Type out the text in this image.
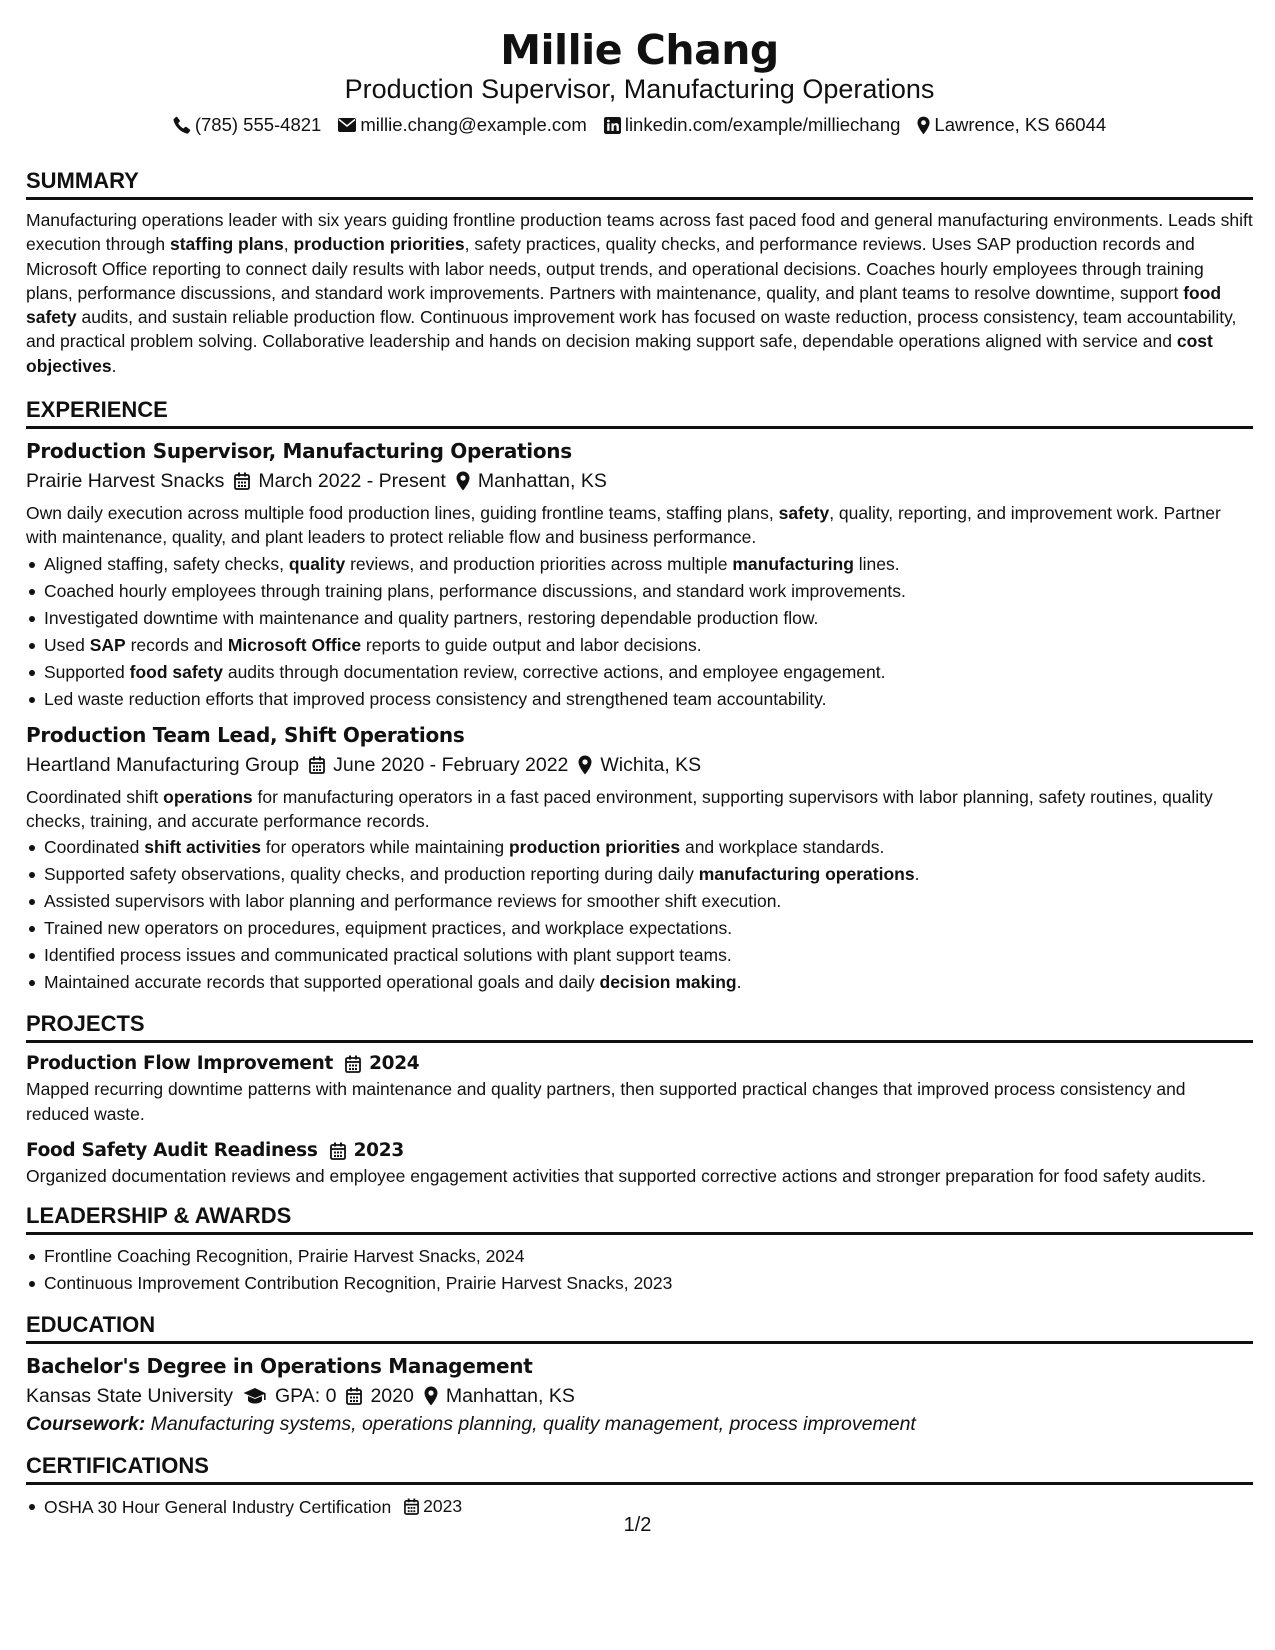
Millie Chang
Production Supervisor, Manufacturing Operations
(785) 555-4821 millie.chang@example.com linkedin.com/example/milliechang Lawrence, KS 66044
SUMMARY
Manufacturing operations leader with six years guiding frontline production teams across fast paced food and general manufacturing environments. Leads shift execution through staffing plans, production priorities, safety practices, quality checks, and performance reviews. Uses SAP production records and Microsoft Office reporting to connect daily results with labor needs, output trends, and operational decisions. Coaches hourly employees through training plans, performance discussions, and standard work improvements. Partners with maintenance, quality, and plant teams to resolve downtime, support food safety audits, and sustain reliable production flow. Continuous improvement work has focused on waste reduction, process consistency, team accountability, and practical problem solving. Collaborative leadership and hands on decision making support safe, dependable operations aligned with service and cost objectives.
EXPERIENCE
Production Supervisor, Manufacturing Operations
Prairie Harvest Snacks March 2022 - Present Manhattan, KS
Own daily execution across multiple food production lines, guiding frontline teams, staffing plans, safety, quality, reporting, and improvement work. Partner with maintenance, quality, and plant leaders to protect reliable flow and business performance.
Aligned staffing, safety checks, quality reviews, and production priorities across multiple manufacturing lines.
Coached hourly employees through training plans, performance discussions, and standard work improvements.
Investigated downtime with maintenance and quality partners, restoring dependable production flow.
Used SAP records and Microsoft Office reports to guide output and labor decisions.
Supported food safety audits through documentation review, corrective actions, and employee engagement.
Led waste reduction efforts that improved process consistency and strengthened team accountability.
Production Team Lead, Shift Operations
Heartland Manufacturing Group June 2020 - February 2022 Wichita, KS
Coordinated shift operations for manufacturing operators in a fast paced environment, supporting supervisors with labor planning, safety routines, quality checks, training, and accurate performance records.
Coordinated shift activities for operators while maintaining production priorities and workplace standards.
Supported safety observations, quality checks, and production reporting during daily manufacturing operations.
Assisted supervisors with labor planning and performance reviews for smoother shift execution.
Trained new operators on procedures, equipment practices, and workplace expectations.
Identified process issues and communicated practical solutions with plant support teams.
Maintained accurate records that supported operational goals and daily decision making.
PROJECTS
Production Flow Improvement 2024
Mapped recurring downtime patterns with maintenance and quality partners, then supported practical changes that improved process consistency and reduced waste.
Food Safety Audit Readiness 2023
Organized documentation reviews and employee engagement activities that supported corrective actions and stronger preparation for food safety audits.
LEADERSHIP & AWARDS
Frontline Coaching Recognition, Prairie Harvest Snacks, 2024
Continuous Improvement Contribution Recognition, Prairie Harvest Snacks, 2023
EDUCATION
Bachelor's Degree in Operations Management
Kansas State University GPA: 0 2020 Manhattan, KS
Coursework: Manufacturing systems, operations planning, quality management, process improvement
CERTIFICATIONS
OSHA 30 Hour General Industry Certification 2023
1/2
